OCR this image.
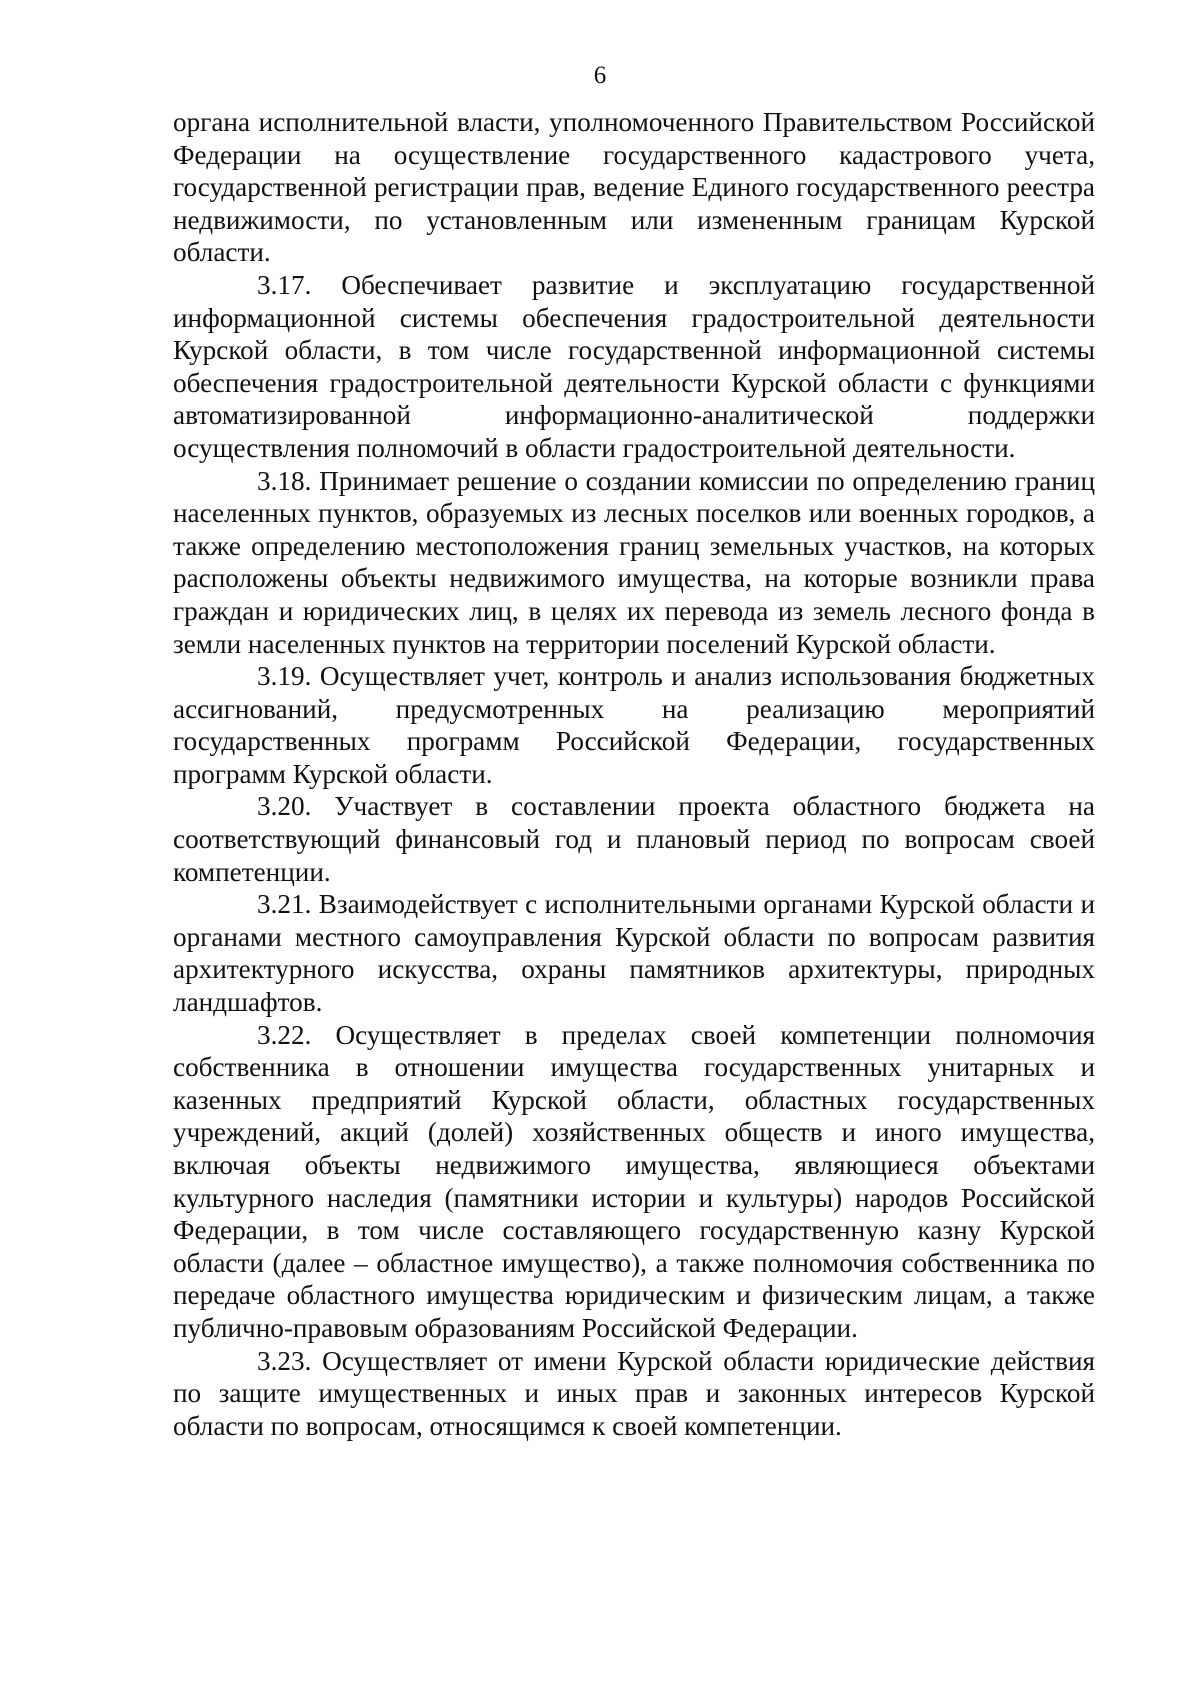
6

органа исполнительной власти, уполномоченного Правительством Российской Федерации на осуществление государственного кадастрового учета, государственной регистрации прав, ведение Единого государственного реестра недвижимости, по установленным или измененным границам Курской области.

3.17. Обеспечивает развитие и эксплуатацию государственной информационной системы обеспечения градостроительной деятельности Курской области, в том числе государственной информационной системы обеспечения градостроительной деятельности Курской области с функциями автоматизированной информационно-аналитической поддержки осуществления полномочий в области градостроительной деятельности.

3.18. Принимает решение о создании комиссии по определению границ населенных пунктов, образуемых из лесных поселков или военных городков, а также определению местоположения границ земельных участков, на которых расположены объекты недвижимого имущества, на которые возникли права граждан и юридических лиц, в целях их перевода из земель лесного фонда в земли населенных пунктов на территории поселений Курской области.

3.19. Осуществляет учет, контроль и анализ использования бюджетных ассигнований, предусмотренных на реализацию мероприятий государственных программ Российской Федерации, государственных программ Курской области.

3.20. Участвует в составлении проекта областного бюджета на соответствующий финансовый год и плановый период по вопросам своей компетенции.

3.21. Взаимодействует с исполнительными органами Курской области и органами местного самоуправления Курской области по вопросам развития архитектурного искусства, охраны памятников архитектуры, природных ландшафтов.

3.22. Осуществляет в пределах своей компетенции полномочия собственника в отношении имущества государственных унитарных и казенных предприятий Курской области, областных государственных учреждений, акций (долей) хозяйственных обществ и иного имущества, включая объекты недвижимого имущества, являющиеся объектами культурного наследия (памятники истории и культуры) народов Российской Федерации, в том числе составляющего государственную казну Курской области (далее – областное имущество), а также полномочия собственника по передаче областного имущества юридическим и физическим лицам, а также публично-правовым образованиям Российской Федерации.

3.23. Осуществляет от имени Курской области юридические действия по защите имущественных и иных прав и законных интересов Курской области по вопросам, относящимся к своей компетенции.
